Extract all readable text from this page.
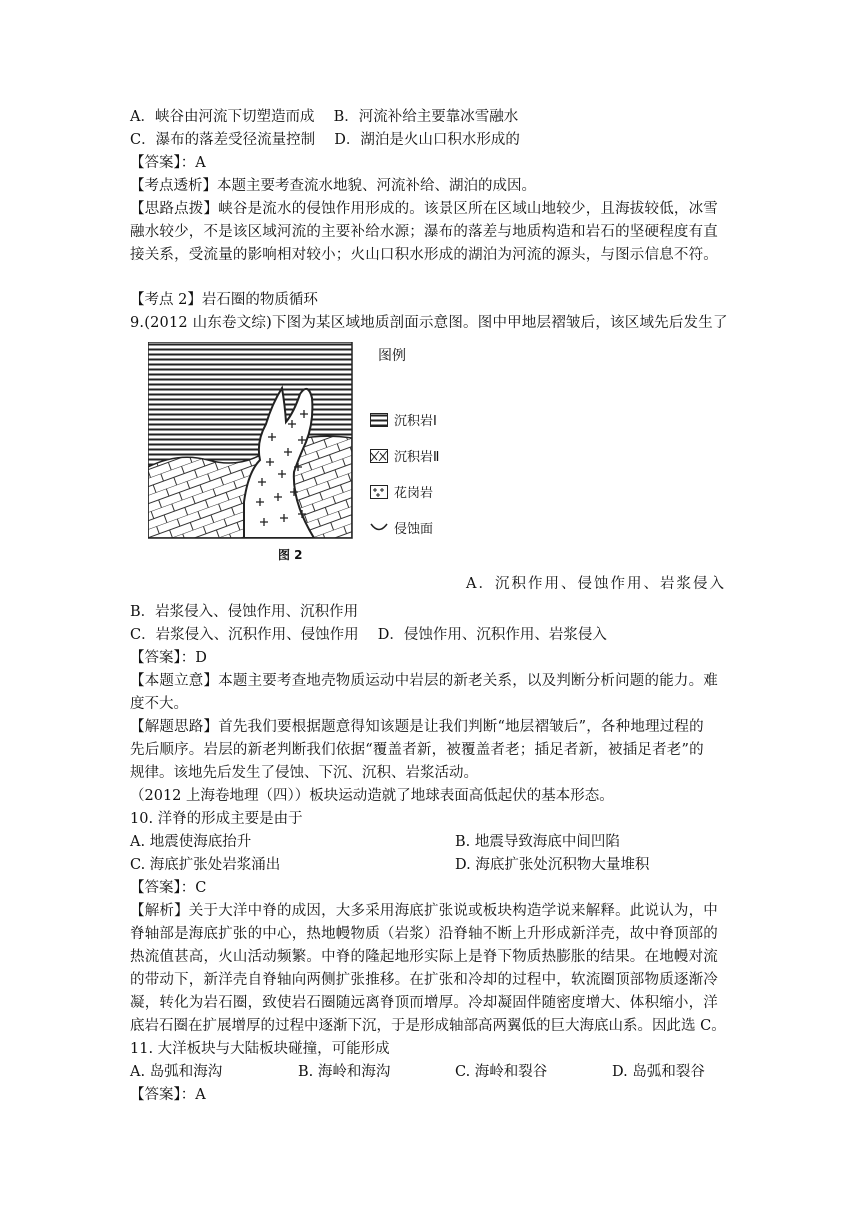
A．峡谷由河流下切塑造而成　 B．河流补给主要靠冰雪融水
C．瀑布的落差受径流量控制　 D．湖泊是火山口积水形成的
【答案】：A
【考点透析】本题主要考查流水地貌、河流补给、湖泊的成因。
【思路点拨】峡谷是流水的侵蚀作用形成的。该景区所在区域山地较少，且海拔较低，冰雪
融水较少，不是该区域河流的主要补给水源；瀑布的落差与地质构造和岩石的坚硬程度有直
接关系，受流量的影响相对较小；火山口积水形成的湖泊为河流的源头，与图示信息不符。
【考点 2】岩石圈的物质循环
9.(2012 山东卷文综)下图为某区域地质剖面示意图。图中甲地层褶皱后，该区域先后发生了
图例
沉积岩Ⅰ
沉积岩Ⅱ
花岗岩
侵蚀面
图 2
A．沉积作用、侵蚀作用、岩浆侵入
B．岩浆侵入、侵蚀作用、沉积作用
C．岩浆侵入、沉积作用、侵蚀作用　 D．侵蚀作用、沉积作用、岩浆侵入
【答案】：D
【本题立意】本题主要考查地壳物质运动中岩层的新老关系，以及判断分析问题的能力。难
度不大。
【解题思路】首先我们要根据题意得知该题是让我们判断“地层褶皱后”，各种地理过程的
先后顺序。岩层的新老判断我们依据“覆盖者新，被覆盖者老；插足者新，被插足者老”的
规律。该地先后发生了侵蚀、下沉、沉积、岩浆活动。
（2012 上海卷地理（四））板块运动造就了地球表面高低起伏的基本形态。
10. 洋脊的形成主要是由于
A. 地震使海底抬升	B. 地震导致海底中间凹陷
C. 海底扩张处岩浆涌出	D. 海底扩张处沉积物大量堆积
【答案】：C
【解析】关于大洋中脊的成因，大多采用海底扩张说或板块构造学说来解释。此说认为，中
脊轴部是海底扩张的中心，热地幔物质（岩浆）沿脊轴不断上升形成新洋壳，故中脊顶部的
热流值甚高，火山活动频繁。中脊的隆起地形实际上是脊下物质热膨胀的结果。在地幔对流
的带动下，新洋壳自脊轴向两侧扩张推移。在扩张和冷却的过程中，软流圈顶部物质逐渐冷
凝，转化为岩石圈，致使岩石圈随远离脊顶而增厚。冷却凝固伴随密度增大、体积缩小，洋
底岩石圈在扩展增厚的过程中逐渐下沉，于是形成轴部高两翼低的巨大海底山系。因此选 C。
11. 大洋板块与大陆板块碰撞，可能形成
A. 岛弧和海沟	B. 海岭和海沟	C. 海岭和裂谷	D. 岛弧和裂谷
【答案】：A
